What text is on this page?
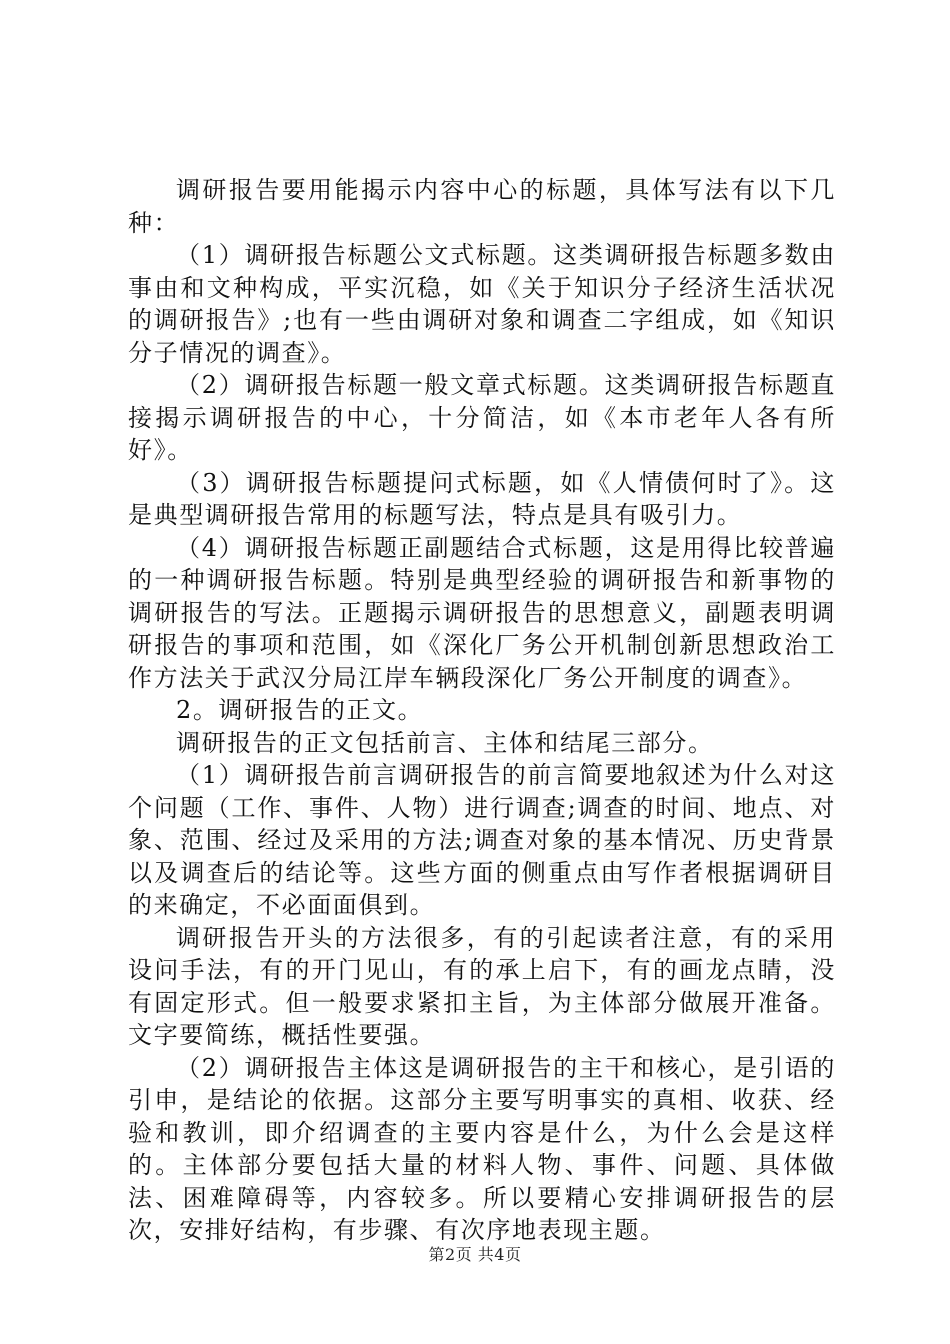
调研报告要用能揭示内容中心的标题，具体写法有以下几种：

（1）调研报告标题公文式标题。这类调研报告标题多数由事由和文种构成，平实沉稳，如《关于知识分子经济生活状况的调研报告》;也有一些由调研对象和调查二字组成，如《知识分子情况的调查》。

（2）调研报告标题一般文章式标题。这类调研报告标题直接揭示调研报告的中心，十分简洁，如《本市老年人各有所好》。

（3）调研报告标题提问式标题，如《人情债何时了》。这是典型调研报告常用的标题写法，特点是具有吸引力。

（4）调研报告标题正副题结合式标题，这是用得比较普遍的一种调研报告标题。特别是典型经验的调研报告和新事物的调研报告的写法。正题揭示调研报告的思想意义，副题表明调研报告的事项和范围，如《深化厂务公开机制创新思想政治工作方法关于武汉分局江岸车辆段深化厂务公开制度的调查》。

2。调研报告的正文。

调研报告的正文包括前言、主体和结尾三部分。

（1）调研报告前言调研报告的前言简要地叙述为什么对这个问题（工作、事件、人物）进行调查;调查的时间、地点、对象、范围、经过及采用的方法;调查对象的基本情况、历史背景以及调查后的结论等。这些方面的侧重点由写作者根据调研目的来确定，不必面面俱到。

调研报告开头的方法很多，有的引起读者注意，有的采用设问手法，有的开门见山，有的承上启下，有的画龙点睛，没有固定形式。但一般要求紧扣主旨，为主体部分做展开准备。文字要简练，概括性要强。

（2）调研报告主体这是调研报告的主干和核心，是引语的引申，是结论的依据。这部分主要写明事实的真相、收获、经验和教训，即介绍调查的主要内容是什么，为什么会是这样的。主体部分要包括大量的材料人物、事件、问题、具体做法、困难障碍等，内容较多。所以要精心安排调研报告的层次，安排好结构，有步骤、有次序地表现主题。

第2页 共4页
